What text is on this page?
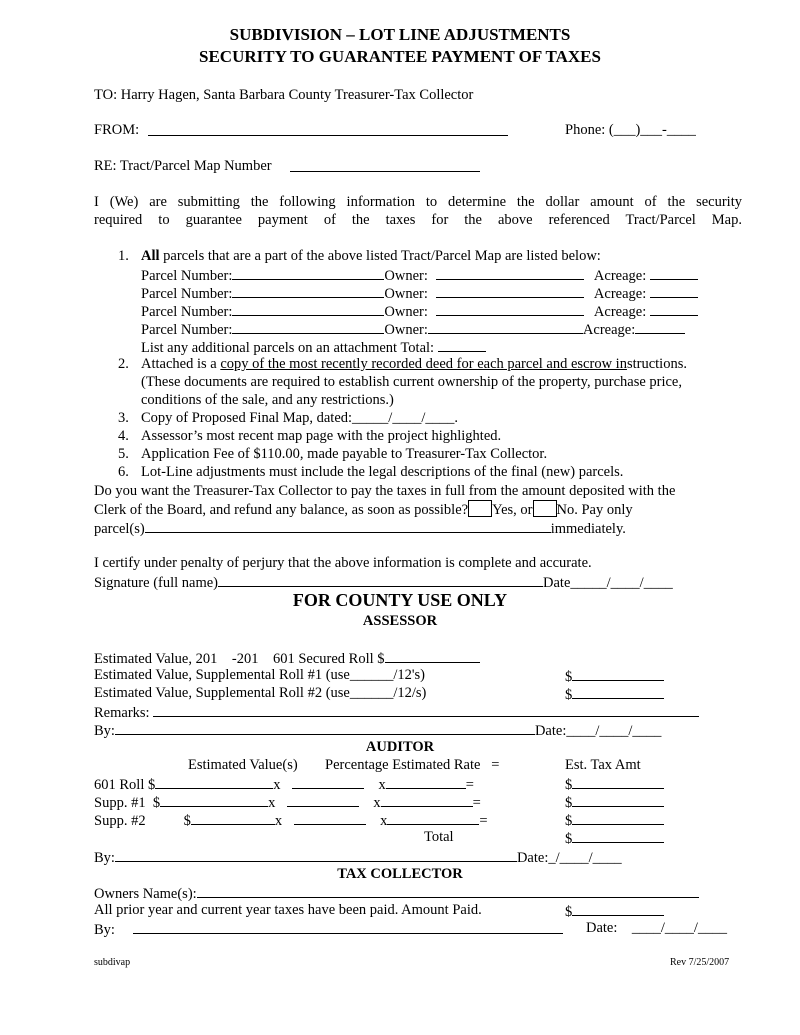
SUBDIVISION – LOT LINE ADJUSTMENTS
SECURITY TO GUARANTEE PAYMENT OF TAXES
TO: Harry Hagen, Santa Barbara County Treasurer-Tax Collector
FROM:	Phone: (___)___-____
RE: Tract/Parcel Map Number
I (We) are submitting the following information to determine the dollar amount of the security
required to guarantee payment of the taxes for the above referenced Tract/Parcel Map.
1. All parcels that are a part of the above listed Tract/Parcel Map are listed below:
Parcel Number:	Owner:	Acreage:
Parcel Number:	Owner:	Acreage:
Parcel Number:	Owner:	Acreage:
Parcel Number:	Owner:	Acreage:
List any additional parcels on an attachment Total:
2. Attached is a copy of the most recently recorded deed for each parcel and escrow instructions.
(These documents are required to establish current ownership of the property, purchase price,
conditions of the sale, and any restrictions.)
3. Copy of Proposed Final Map, dated:_____/____/____.
4. Assessor’s most recent map page with the project highlighted.
5. Application Fee of $110.00, made payable to Treasurer-Tax Collector.
6. Lot-Line adjustments must include the legal descriptions of the final (new) parcels.
Do you want the Treasurer-Tax Collector to pay the taxes in full from the amount deposited with the
Clerk of the Board, and refund any balance, as soon as possible? Yes, or No. Pay only
parcel(s)	immediately.
I certify under penalty of perjury that the above information is complete and accurate.
Signature (full name)	Date_____/____/____
FOR COUNTY USE ONLY
ASSESSOR
Estimated Value, 201    -201    601 Secured Roll $
Estimated Value, Supplemental Roll #1 (use______/12's)	$
Estimated Value, Supplemental Roll #2 (use______/12/s)	$
Remarks:
By:	Date:____/____/____
AUDITOR
Estimated Value(s) Percentage Estimated Rate   =	Est. Tax Amt
601 Roll $	x	x	=	$
Supp. #1  $	x	x	=	$
Supp. #2	$	x	x	=	$
Total	$
By:	Date:_/____/____
TAX COLLECTOR
Owners Name(s):
All prior year and current year taxes have been paid. Amount Paid.	$
By:	Date:    ____/____/____
subdivap	Rev 7/25/2007
